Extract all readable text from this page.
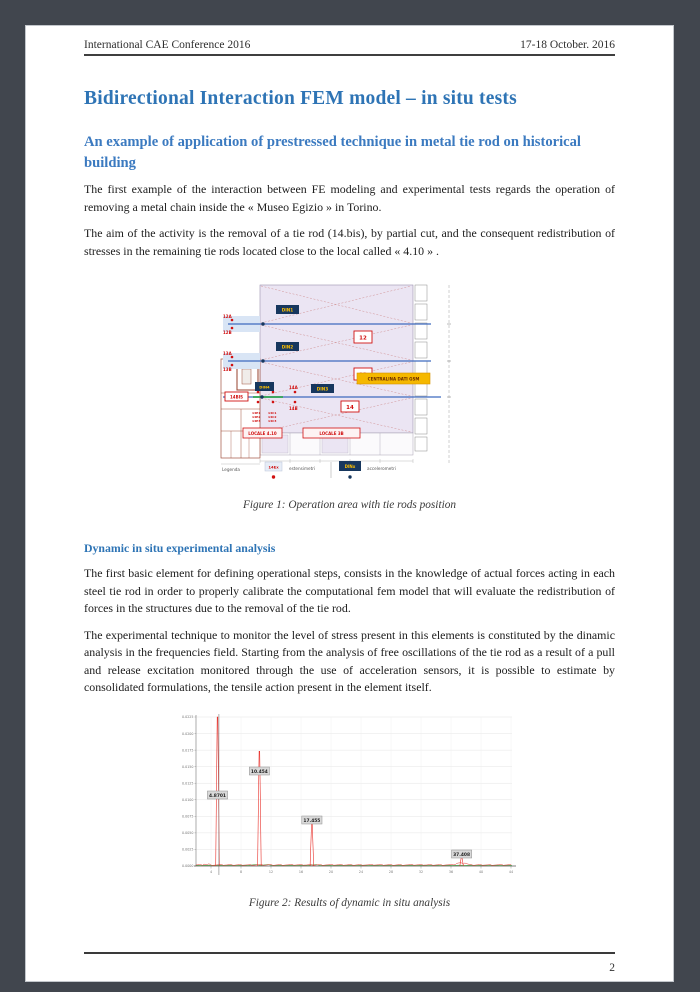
International CAE Conference 2016	17-18 October. 2016
Bidirectional Interaction FEM model – in situ tests
An example of application of prestressed technique in metal tie rod on historical building

The first example of the interaction between FE modeling and experimental tests regards the operation of removing a metal chain inside the « Museo Egizio » in Torino.

The aim of the activity is the removal of a tie rod (14.bis), by partial cut, and the consequent redistribution of stresses in the remaining tie rods located close to the local called « 4.10 » .

12A
12B
13A
13B
14A
14B
14E1
14E2
14E3
14C1
14C2
14C3
DIN1
DIN2
DIN3
DIN4
12
14
14BIS
CENTRALINA DATI GSM
LOCALE 4.10	LOCALE 3B
Legenda	14Ex estensimetri	DINx	accelerometri
Figure 1: Operation area with tie rods position
Dynamic in situ experimental analysis

The first basic element for defining operational steps, consists in the knowledge of actual forces acting in each steel tie rod in order to properly calibrate the computational fem model that will evaluate the redistribution of forces in the structures due to the removal of the tie rod.

The experimental technique to monitor the level of stress present in this elements is constituted by the dinamic analysis in the frequencies field. Starting from the analysis of free oscillations of the tie rod as a result of a pull and release excitation monitored through the use of acceleration sensors, it is possible to estimate by consolidated formulations, the tensile action present in the element itself.

0.0225
0.0200
0.0175
0.0150
0.0125
0.0100
0.0075
0.0050
0.0025
0.0000
4	8	12	16	20	24	28	32	36	40	44
4.8701
10.454
17.455
37.408
Figure 2: Results of dynamic in situ analysis
2
